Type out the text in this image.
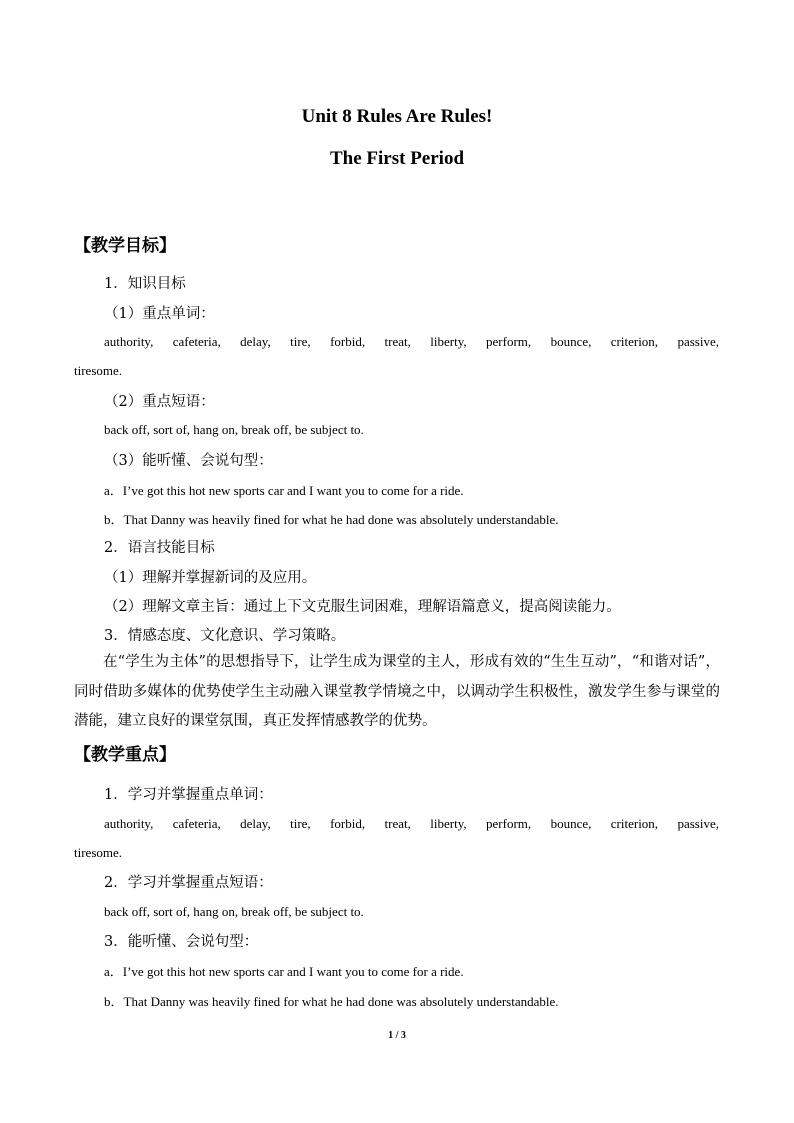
Unit 8 Rules Are Rules!
The First Period
【教学目标】
1．知识目标
（1）重点单词：
authority, cafeteria, delay, tire, forbid, treat, liberty, perform, bounce, criterion, passive,
tiresome.
（2）重点短语：
back off, sort of, hang on, break off, be subject to.
（3）能听懂、会说句型：
a．I’ve got this hot new sports car and I want you to come for a ride.
b．That Danny was heavily fined for what he had done was absolutely understandable.
2．语言技能目标
（1）理解并掌握新词的及应用。
（2）理解文章主旨：通过上下文克服生词困难，理解语篇意义，提高阅读能力。
3．情感态度、文化意识、学习策略。
在“学生为主体”的思想指导下，让学生成为课堂的主人，形成有效的“生生互动”，“和谐对话”，同时借助多媒体的优势使学生主动融入课堂教学情境之中，以调动学生积极性，激发学生参与课堂的潜能，建立良好的课堂氛围，真正发挥情感教学的优势。
【教学重点】
1．学习并掌握重点单词：
authority, cafeteria, delay, tire, forbid, treat, liberty, perform, bounce, criterion, passive,
tiresome.
2．学习并掌握重点短语：
back off, sort of, hang on, break off, be subject to.
3．能听懂、会说句型：
a．I’ve got this hot new sports car and I want you to come for a ride.
b．That Danny was heavily fined for what he had done was absolutely understandable.
1 / 3
